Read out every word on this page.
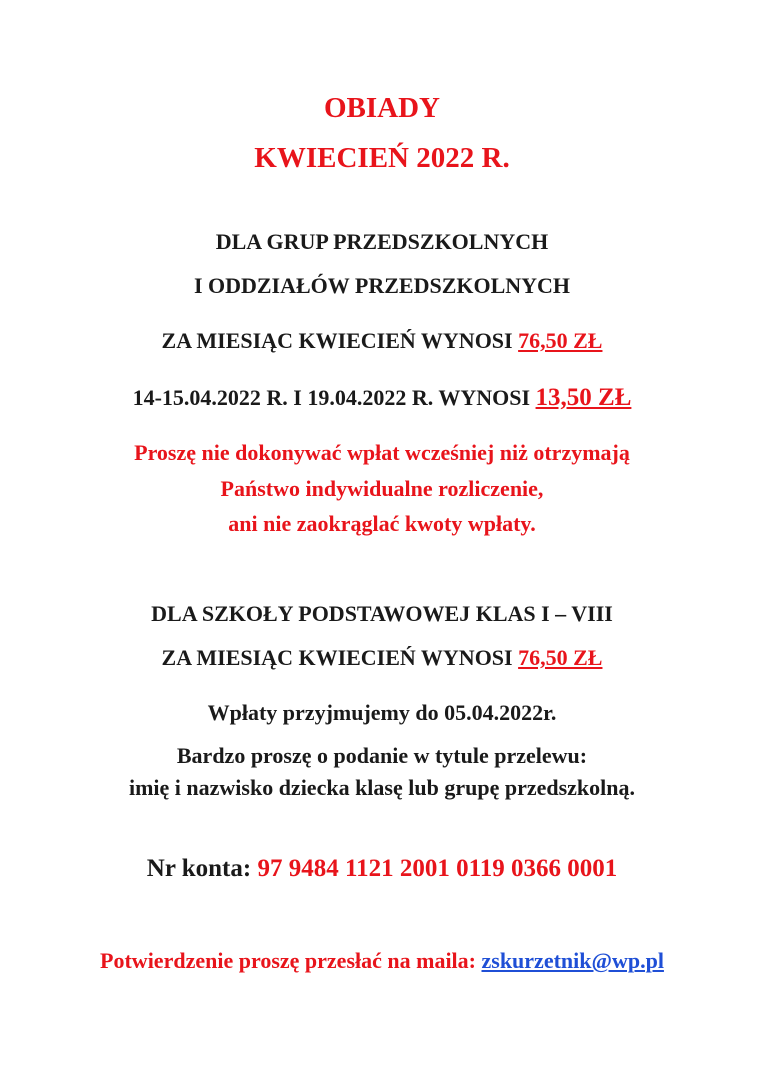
OBIADY
KWIECIEŃ 2022 R.
DLA GRUP PRZEDSZKOLNYCH
I ODDZIAŁÓW PRZEDSZKOLNYCH
ZA MIESIĄC KWIECIEŃ WYNOSI 76,50 ZŁ
14-15.04.2022 R. I 19.04.2022 R. WYNOSI 13,50 ZŁ
Proszę nie dokonywać wpłat wcześniej niż otrzymają
Państwo indywidualne rozliczenie,
ani nie zaokrąglać kwoty wpłaty.
DLA SZKOŁY PODSTAWOWEJ KLAS I – VIII
ZA MIESIĄC KWIECIEŃ WYNOSI 76,50 ZŁ
Wpłaty przyjmujemy do 05.04.2022r.
Bardzo proszę o podanie w tytule przelewu:
imię i nazwisko dziecka klasę lub grupę przedszkolną.
Nr konta: 97 9484 1121 2001 0119 0366 0001
Potwierdzenie proszę przesłać na maila: zskurzetnik@wp.pl
